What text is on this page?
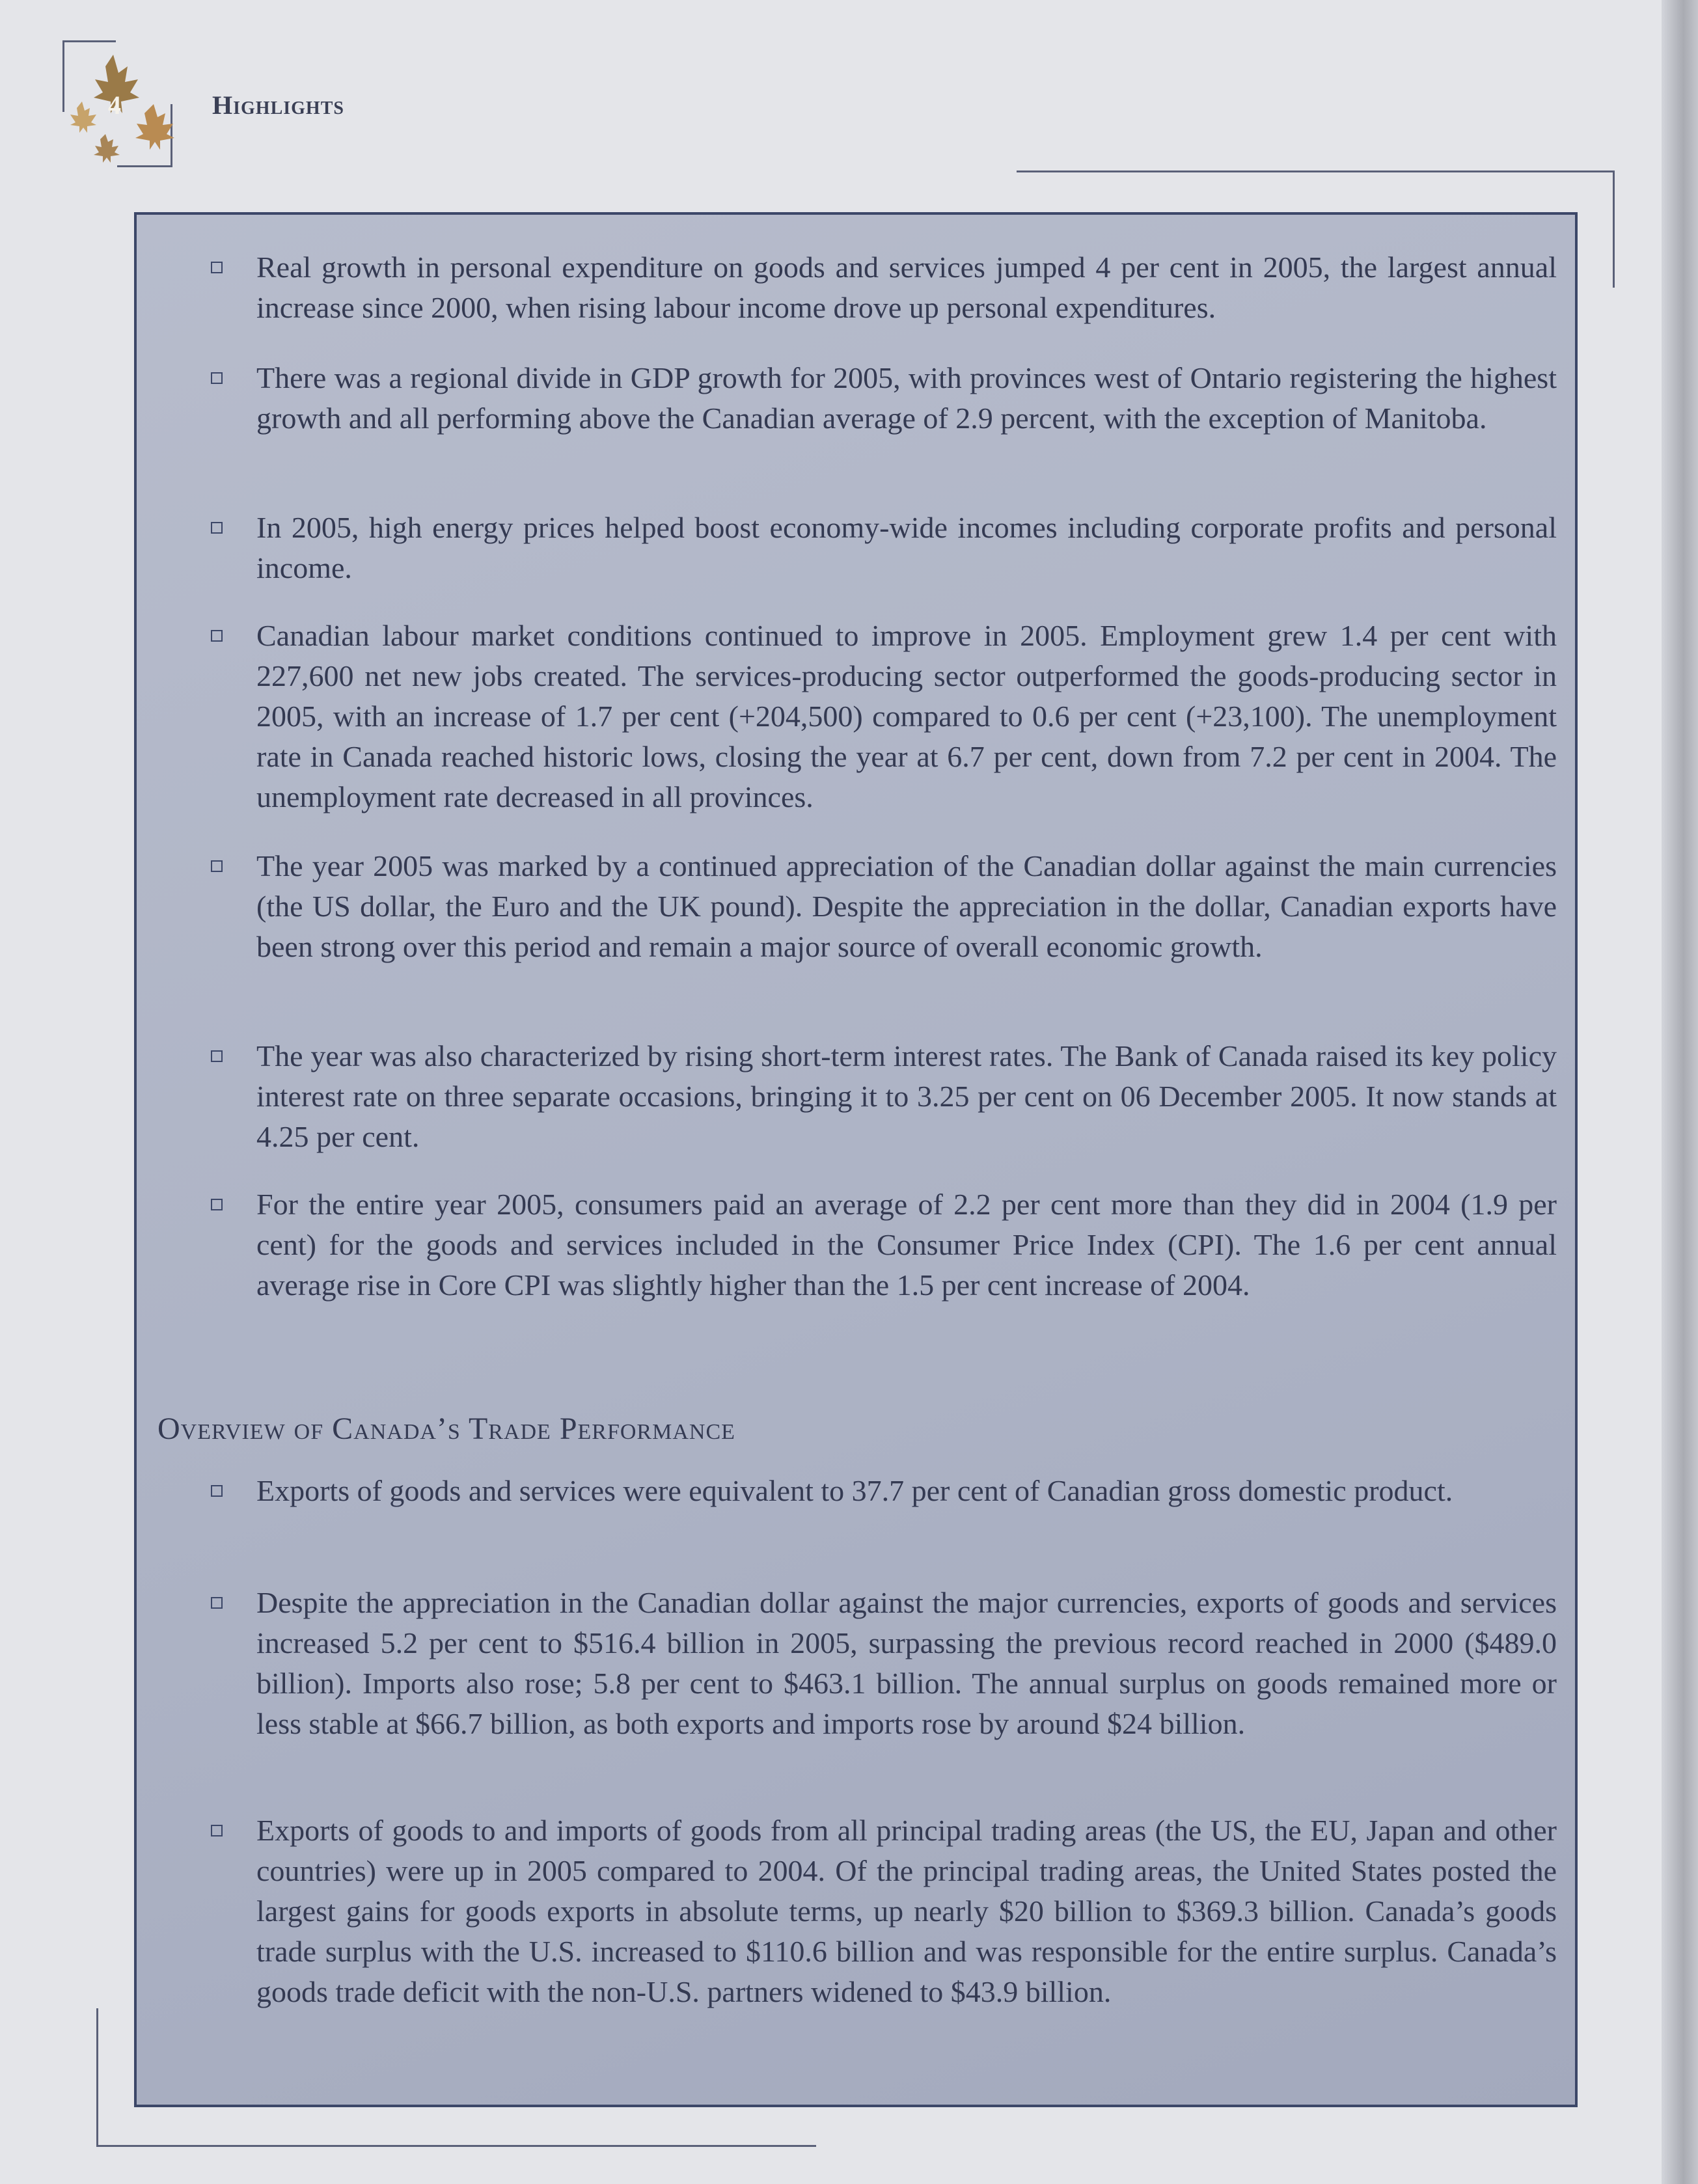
4	Highlights
Real growth in personal expenditure on goods and services jumped 4 per cent in 2005, the largest annual increase since 2000, when rising labour income drove up personal expenditures.
There was a regional divide in GDP growth for 2005, with provinces west of Ontario registering the highest growth and all performing above the Canadian average of 2.9 percent, with the exception of Manitoba.
In 2005, high energy prices helped boost economy-wide incomes including corporate profits and personal income.
Canadian labour market conditions continued to improve in 2005. Employment grew 1.4 per cent with 227,600 net new jobs created. The services-producing sector outperformed the goods-producing sector in 2005, with an increase of 1.7 per cent (+204,500) compared to 0.6 per cent (+23,100). The unemployment rate in Canada reached historic lows, closing the year at 6.7 per cent, down from 7.2 per cent in 2004. The unemployment rate decreased in all provinces.
The year 2005 was marked by a continued appreciation of the Canadian dollar against the main currencies (the US dollar, the Euro and the UK pound). Despite the appreciation in the dollar, Canadian exports have been strong over this period and remain a major source of overall economic growth.
The year was also characterized by rising short-term interest rates. The Bank of Canada raised its key policy interest rate on three separate occasions, bringing it to 3.25 per cent on 06 December 2005. It now stands at 4.25 per cent.
For the entire year 2005, consumers paid an average of 2.2 per cent more than they did in 2004 (1.9 per cent) for the goods and services included in the Consumer Price Index (CPI). The 1.6 per cent annual average rise in Core CPI was slightly higher than the 1.5 per cent increase of 2004.
Overview of Canada’s Trade Performance
Exports of goods and services were equivalent to 37.7 per cent of Canadian gross domestic product.
Despite the appreciation in the Canadian dollar against the major currencies, exports of goods and services increased 5.2 per cent to $516.4 billion in 2005, surpassing the previous record reached in 2000 ($489.0 billion). Imports also rose; 5.8 per cent to $463.1 billion. The annual surplus on goods remained more or less stable at $66.7 billion, as both exports and imports rose by around $24 billion.
Exports of goods to and imports of goods from all principal trading areas (the US, the EU, Japan and other countries) were up in 2005 compared to 2004. Of the principal trading areas, the United States posted the largest gains for goods exports in absolute terms, up nearly $20 billion to $369.3 billion. Canada’s goods trade surplus with the U.S. increased to $110.6 billion and was responsible for the entire surplus. Canada’s goods trade deficit with the non-U.S. partners widened to $43.9 billion.
